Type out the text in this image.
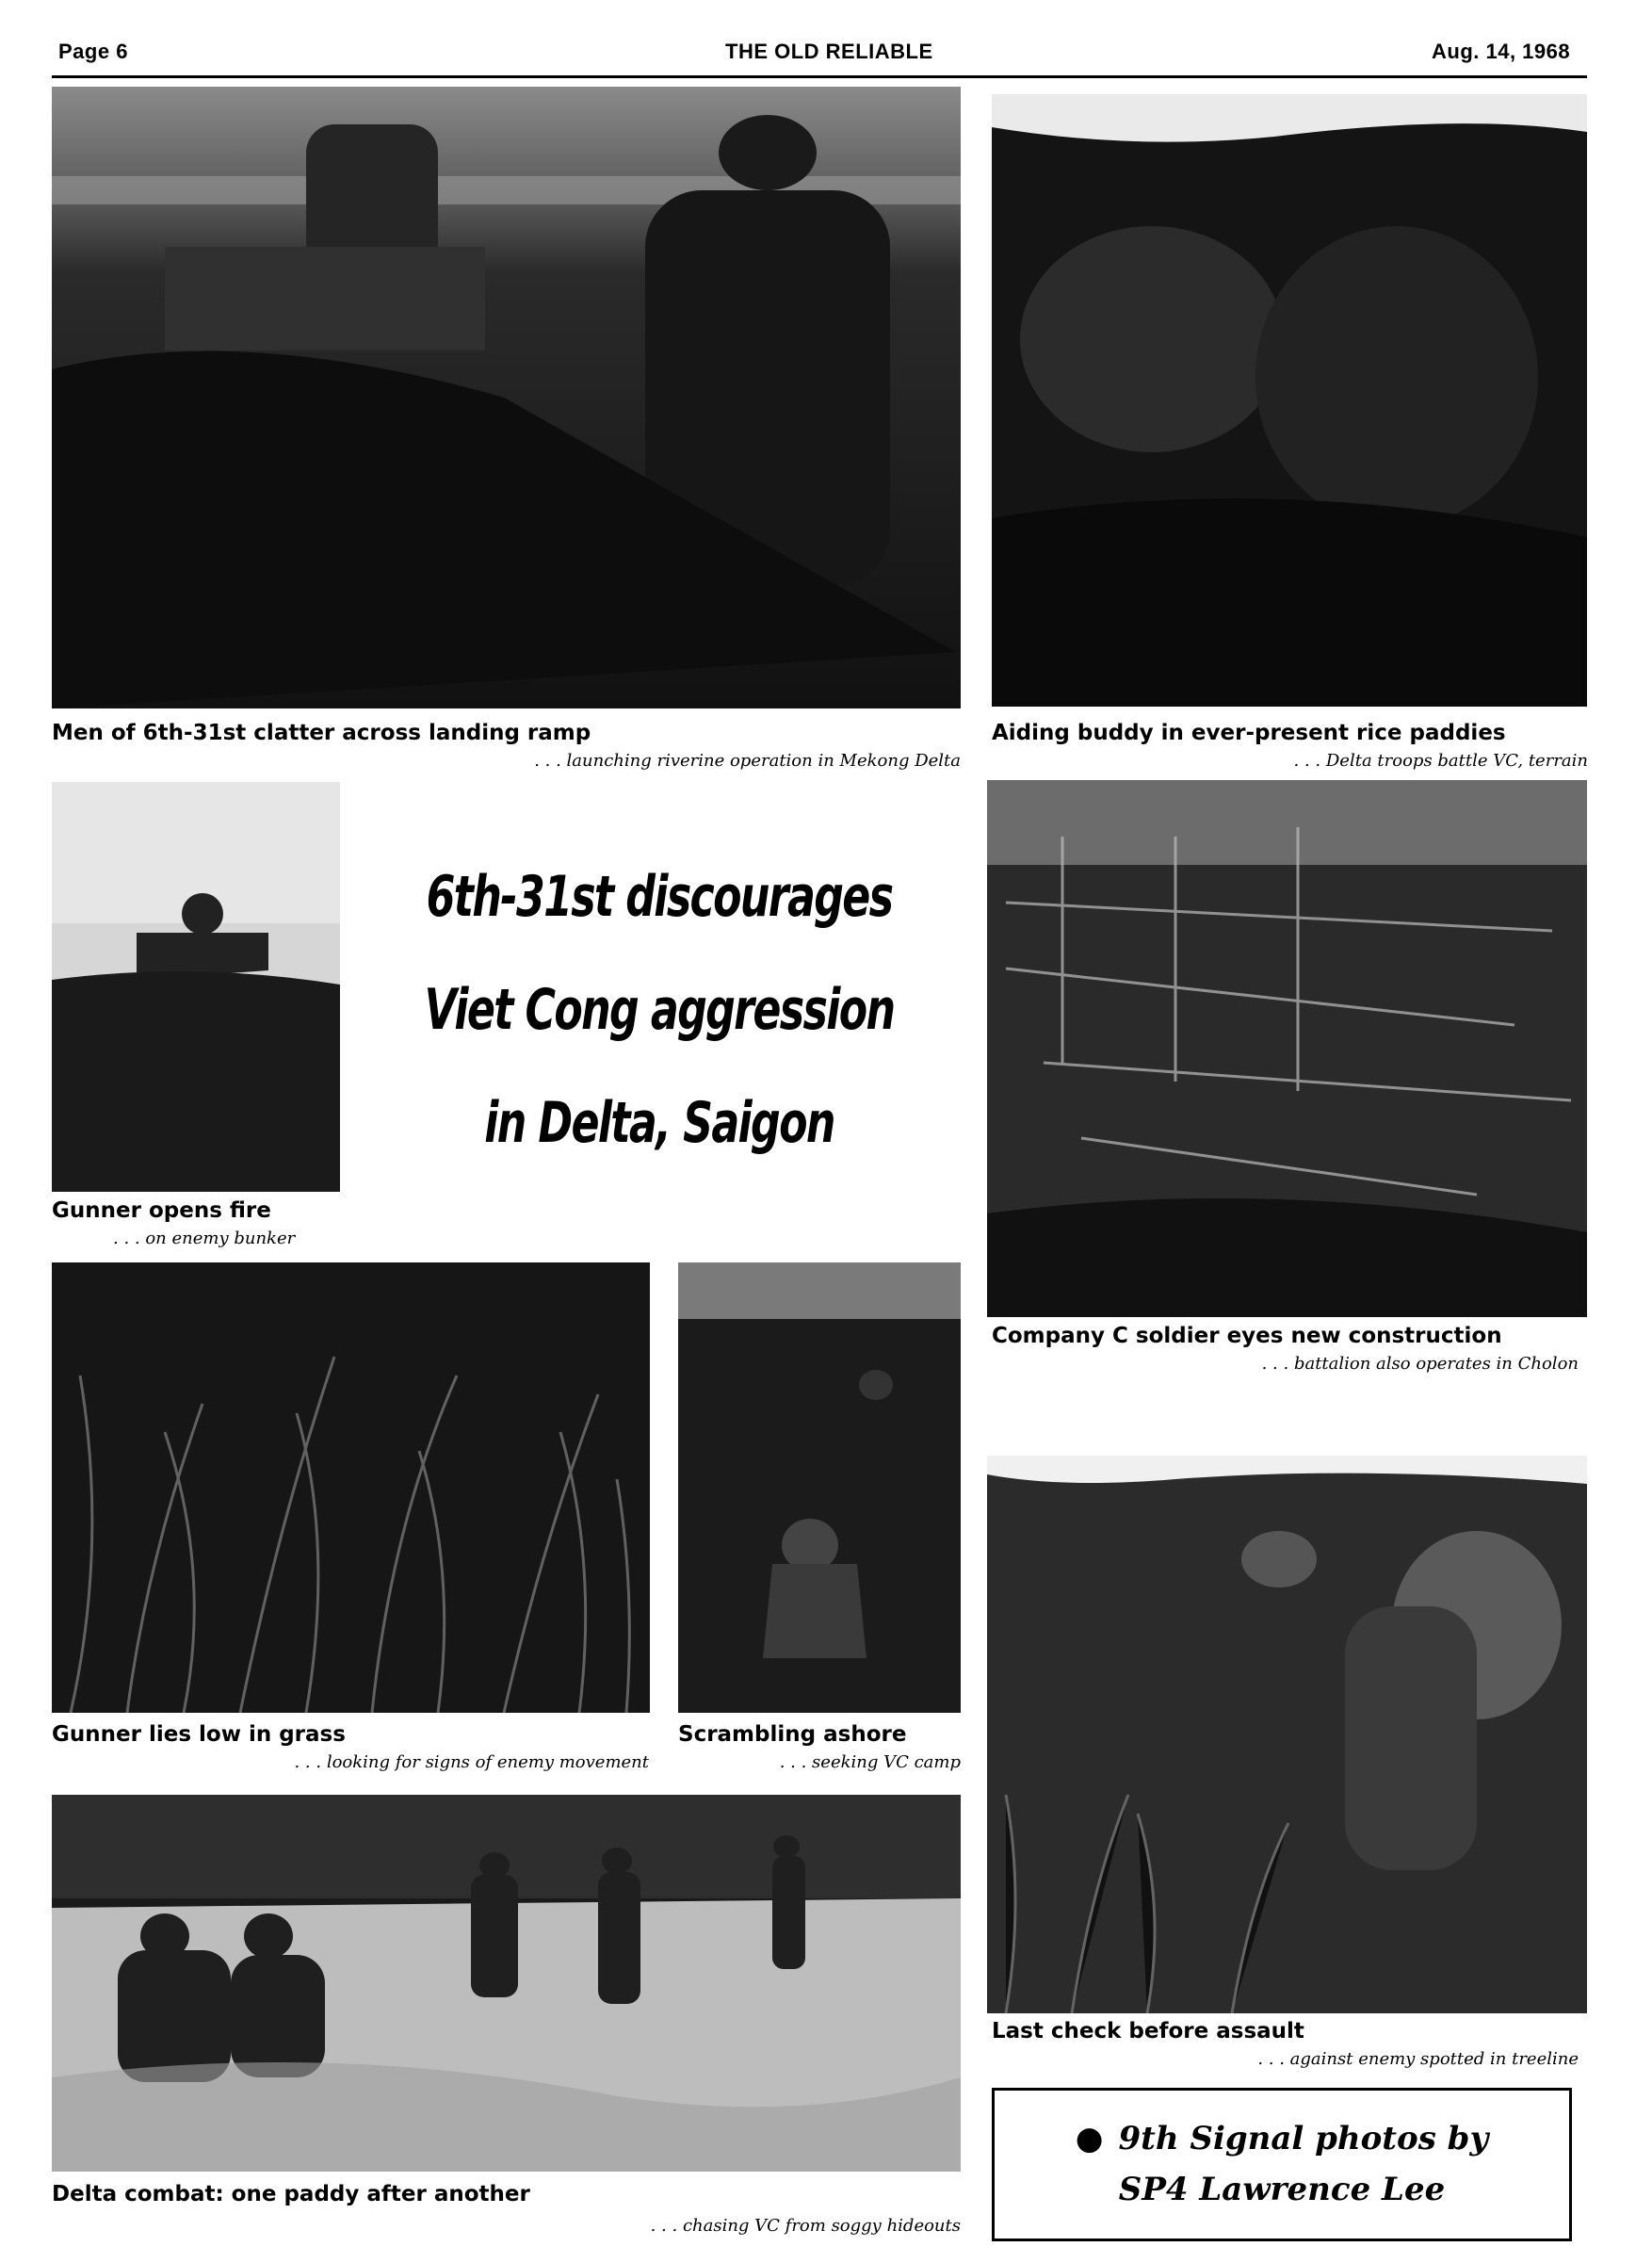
Page 6	THE OLD RELIABLE	Aug. 14, 1968
Men of 6th-31st clatter across landing ramp
. . . launching riverine operation in Mekong Delta
Aiding buddy in ever-present rice paddies
. . . Delta troops battle VC, terrain
Gunner opens fire
. . . on enemy bunker
6th-31st discourages
Viet Cong aggression
in Delta, Saigon
Company C soldier eyes new construction
. . . battalion also operates in Cholon
Gunner lies low in grass
. . . looking for signs of enemy movement
Scrambling ashore
. . . seeking VC camp
Last check before assault
. . . against enemy spotted in treeline
Delta combat: one paddy after another
. . . chasing VC from soggy hideouts
● 9th Signal photos by
SP4 Lawrence Lee
